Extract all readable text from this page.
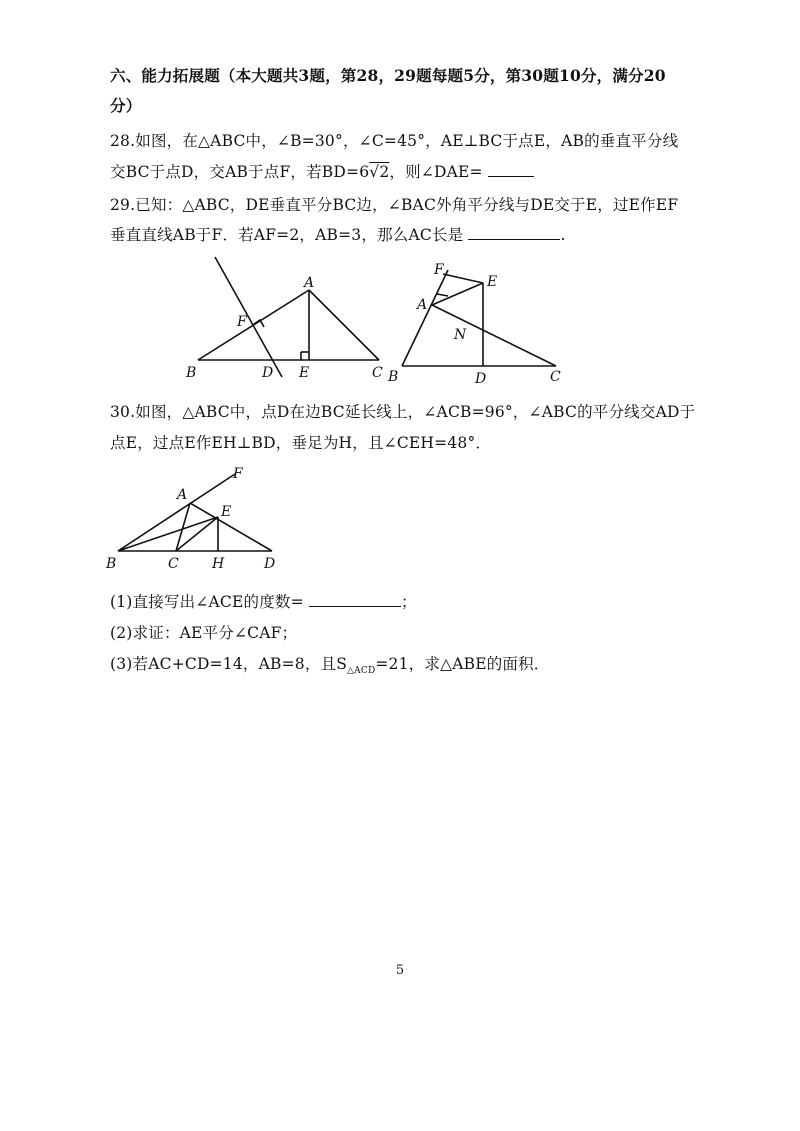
六、能力拓展题（本大题共3题，第28，29题每题5分，第30题10分，满分20
分）
28.如图，在△ABC中，∠B=30°，∠C=45°，AE⊥BC于点E，AB的垂直平分线
交BC于点D，交AB于点F，若BD=6√2，则∠DAE=
29.已知：△ABC，DE垂直平分BC边，∠BAC外角平分线与DE交于E，过E作EF
垂直直线AB于F．若AF=2，AB=3，那么AC长是	.
A
B	C
D E
F
F
E
A
N
B	D	C
30.如图，△ABC中，点D在边BC延长线上，∠ACB=96°，∠ABC的平分线交AD于
点E，过点E作EH⊥BD，垂足为H，且∠CEH=48°．
F
A
E
B	C H	D
(1)直接写出∠ACE的度数=	；
(2)求证：AE平分∠CAF；
(3)若AC+CD=14，AB=8，且$S_{\triangle ACD}=21$，求△ABE的面积．
5
